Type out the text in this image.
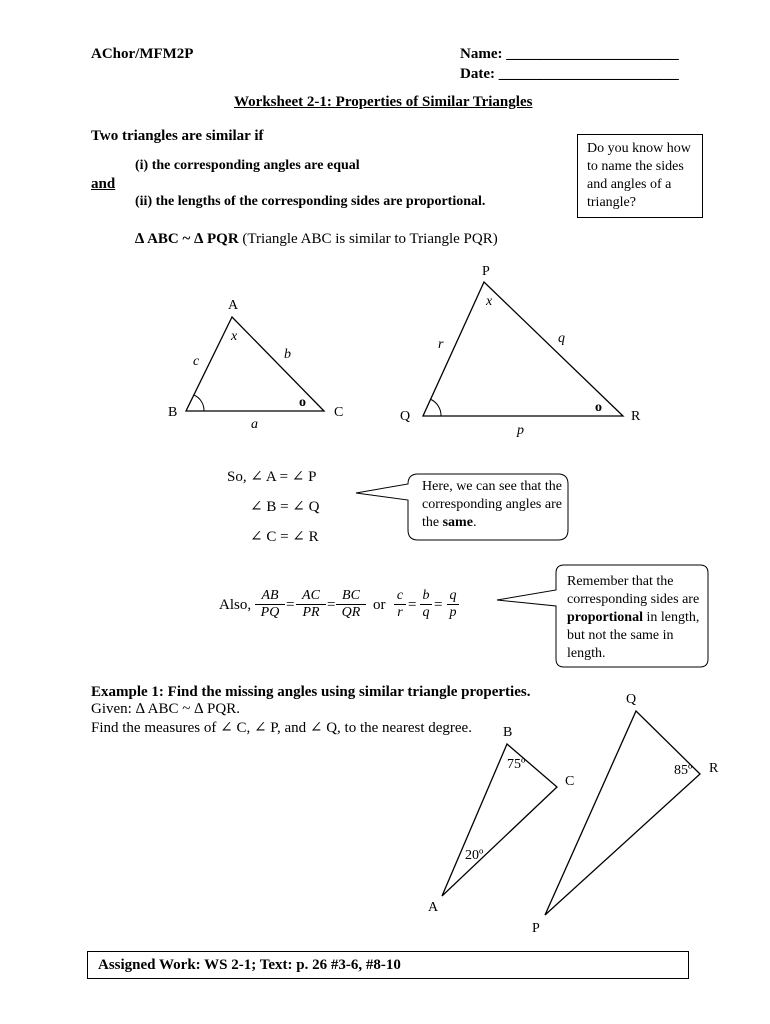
AChor/MFM2P	Name: _______________________
Date: ________________________
Worksheet 2-1: Properties of Similar Triangles
Two triangles are similar if
(i) the corresponding angles are equal
and
(ii) the lengths of the corresponding sides are proportional.
∆ ABC ~ ∆ PQR (Triangle ABC is similar to Triangle PQR)
Do you know how to name the sides and angles of a triangle?
A
B	C
a
b
c
x
o
P
Q	R
p
q
r
x
o
B
A
C
75º
20º
Q
P
R
85º
Here, we can see that the corresponding angles are the same.
Remember that the corresponding sides are proportional in length, but not the same in length.
So, ∠ A = ∠ P
∠ B = ∠ Q
∠ C = ∠ R
Also, $\frac{AB}{PQ} = \frac{AC}{PR} = \frac{BC}{QR}$ or $\frac{c}{r} = \frac{b}{q} = \frac{q}{p}$
Example 1: Find the missing angles using similar triangle properties.
Given: ∆ ABC ~ ∆ PQR.
Find the measures of ∠ C, ∠ P, and ∠ Q, to the nearest degree.
Assigned Work: WS 2-1; Text: p. 26 #3-6, #8-10
